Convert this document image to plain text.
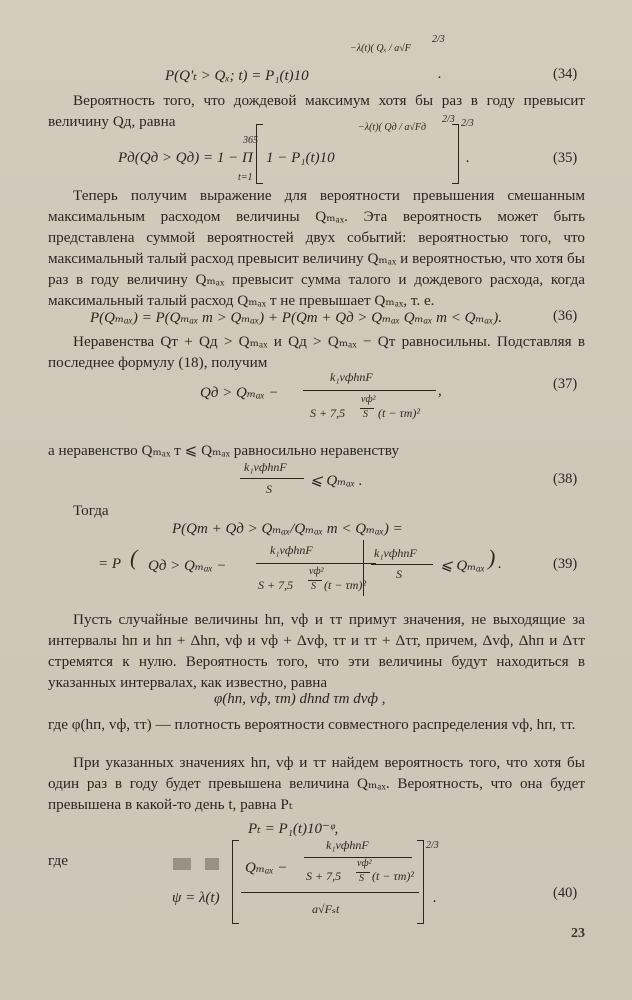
P(Q'ₜ > Qₓ; t) = P₁(t)10
−λ(t)( Qₓ / a√F
2/3
.	(34)
Вероятность того, что дождевой максимум хотя бы раз в году превысит величину Qд, равна
Pд(Qд > Qд) = 1 − Π
365
t=1
1 − P₁(t)10
−λ(t)( Qд / a√Fд
2/3 2/3
.	(35)
Теперь получим выражение для вероятности превышения смешанным максимальным расходом величины Qₘₐₓ. Эта вероятность может быть представлена суммой вероятностей двух событий: вероятностью того, что максимальный талый расход превысит величину Qₘₐₓ и вероятностью, что хотя бы раз в году величину Qₘₐₓ превысит сумма талого и дождевого расхода, когда максимальный талый расход Qₘₐₓ т не превышает Qₘₐₓ, т. е.
P(Qₘₐₓ) = P(Qₘₐₓ т > Qₘₐₓ) + P(Qт + Qд > Qₘₐₓ Qₘₐₓ т < Qₘₐₓ).	(36)
Неравенства Qт + Qд > Qₘₐₓ и Qд > Qₘₐₓ − Qт равносильны. Подставляя в последнее формулу (18), получим
Qд > Qₘₐₓ −
k₁vфhпF
S + 7,5
vф²
S (t − τт)²
,	(37)
а неравенство Qₘₐₓ т ⩽ Qₘₐₓ равносильно неравенству
k₁vфhпF
S	⩽ Qₘₐₓ .	(38)
Тогда
P(Qт + Qд > Qₘₐₓ/Qₘₐₓ т < Qₘₐₓ) =
= P ( Qд > Qₘₐₓ −
k₁vфhпF
S + 7,5
vф²
S (t − τт)²
k₁vфhпF
S	⩽ Qₘₐₓ ) .	(39)
Пусть случайные величины hп, vф и τт примут значения, не выходящие за интервалы hп и hп + Δhп, vф и vф + Δvф, τт и τт + Δτт, причем, Δvф, Δhп и Δτт стремятся к нулю. Вероятность того, что эти величины будут находиться в указанных интервалах, как известно, равна
φ(hп, vф, τт) dhпd τт dvф ,
где φ(hп, vф, τт) — плотность вероятности совместного распределения vф, hп, τт.
При указанных значениях hп, vф и τт найдем вероятность того, что хотя бы один раз в году будет превышена величина Qₘₐₓ. Вероятность, что она будет превышена в какой-то день t, равна Pₜ
Pₜ = P₁(t)10⁻ᵠ,
где
ψ = λ(t)
Qₘₐₓ −
k₁vфhпF
S + 7,5
vф²
S (t − τт)²
a√Fₛt
2/3
.	(40)
23
